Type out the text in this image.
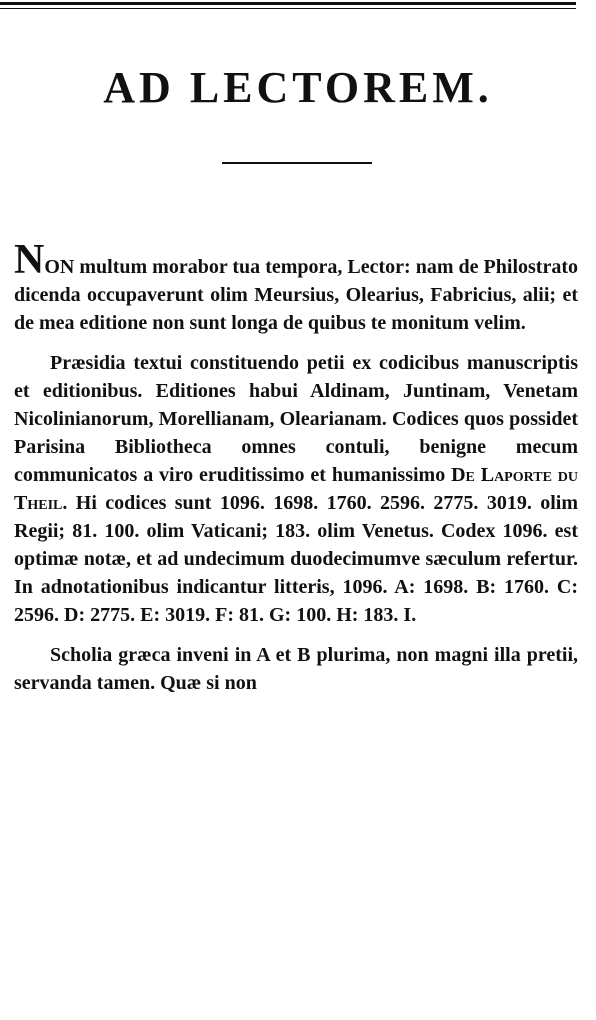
AD LECTOREM.

NON multum morabor tua tempora, Lector: nam de Philostrato dicenda occupaverunt olim Meursius, Olearius, Fabricius, alii; et de mea editione non sunt longa de quibus te monitum velim.

Præsidia textui constituendo petii ex codicibus manuscriptis et editionibus. Editiones habui Aldinam, Juntinam, Venetam Nicolinianorum, Morellianam, Olearianam. Codices quos possidet Parisina Bibliotheca omnes contuli, benigne mecum communicatos a viro eruditissimo et humanissimo De Laporte du Theil. Hi codices sunt 1096. 1698. 1760. 2596. 2775. 3019. olim Regii; 81. 100. olim Vaticani; 183. olim Venetus. Codex 1096. est optimæ notæ, et ad undecimum duodecimumve sæculum refertur. In adnotationibus indicantur litteris, 1096. A: 1698. B: 1760. C: 2596. D: 2775. E: 3019. F: 81. G: 100. H: 183. I.

Scholia græca inveni in A et B plurima, non magni illa pretii, servanda tamen. Quæ si non
